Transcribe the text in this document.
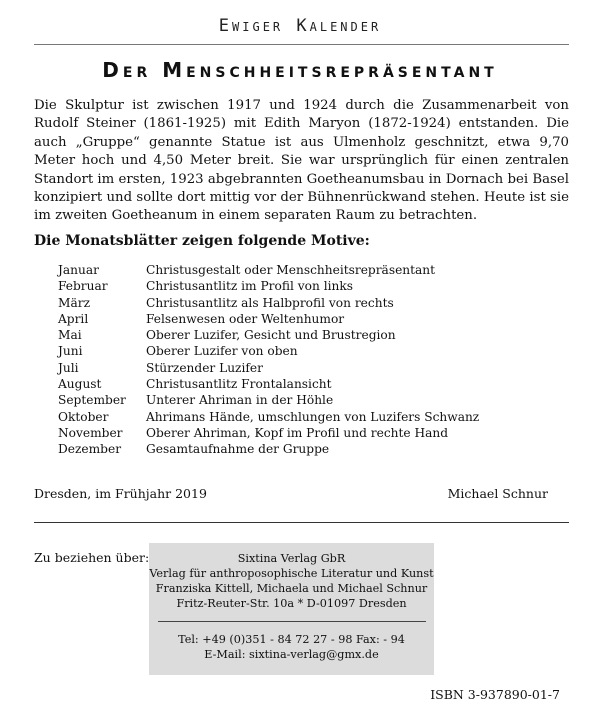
Ewiger Kalender
Der Menschheitsrepräsentant

Die Skulptur ist zwischen 1917 und 1924 durch die Zusammenarbeit von Rudolf Steiner (1861-1925) mit Edith Maryon (1872-1924) entstanden. Die auch „Gruppe“ genannte Statue ist aus Ulmenholz geschnitzt, etwa 9,70 Meter hoch und 4,50 Meter breit. Sie war ursprünglich für einen zentralen Standort im ersten, 1923 abgebrannten Goetheanumsbau in Dornach bei Basel konzipiert und sollte dort mittig vor der Bühnenrückwand stehen. Heute ist sie im zweiten Goetheanum in einem separaten Raum zu betrachten.

Die Monatsblätter zeigen folgende Motive:

Januar	Christusgestalt oder Menschheitsrepräsentant
Februar	Christusantlitz im Profil von links
März	Christusantlitz als Halbprofil von rechts
April	Felsenwesen oder Weltenhumor
Mai	Oberer Luzifer, Gesicht und Brustregion
Juni	Oberer Luzifer von oben
Juli	Stürzender Luzifer
August	Christusantlitz Frontalansicht
September	Unterer Ahriman in der Höhle
Oktober	Ahrimans Hände, umschlungen von Luzifers Schwanz
November	Oberer Ahriman, Kopf im Profil und rechte Hand
Dezember	Gesamtaufnahme der Gruppe
Dresden, im Frühjahr 2019	Michael Schnur
Zu beziehen über:	Sixtina Verlag GbR
Verlag für anthroposophische Literatur und Kunst
Franziska Kittell, Michaela und Michael Schnur
Fritz-Reuter-Str. 10a * D-01097 Dresden
Tel: +49 (0)351 - 84 72 27 - 98 Fax: - 94
E-Mail: sixtina-verlag@gmx.de
ISBN 3-937890-01-7
